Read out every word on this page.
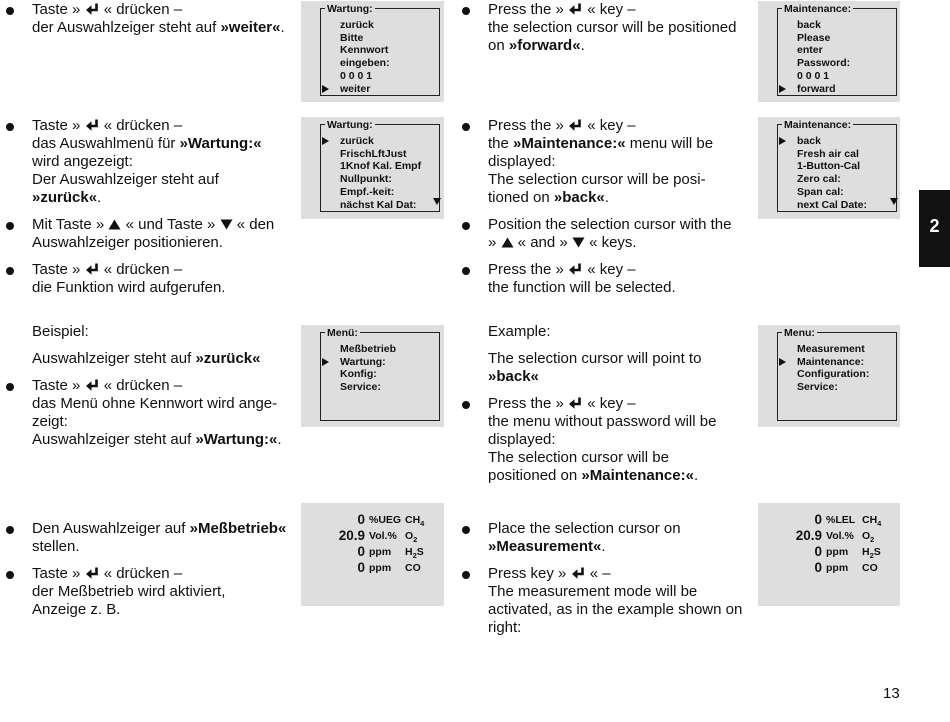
Taste »
« drücken –
der Auswahlzeiger steht auf »weiter«.
Press the »
« key –
the selection cursor will be positioned
on »forward«.
Wartung:
zurück
Bitte
Kennwort
eingeben:
0 0 0 1
weiter
Maintenance:
back
Please
enter
Password:
0 0 0 1
forward
Taste »
« drücken –
das Auswahlmenü für »Wartung:«
wird angezeigt:
Der Auswahlzeiger steht auf
»zurück«.
Mit Taste »
« und Taste »
« den
Auswahlzeiger positionieren.
Taste »
« drücken –
die Funktion wird aufgerufen.
Press the »
« key –
the »Maintenance:« menu will be
displayed:
The selection cursor will be posi-
tioned on »back«.
Position the selection cursor with the
»
« and »
« keys.
Press the »
« key –
the function will be selected.
Wartung:
zurück
FrischLftJust
1Knof Kal. Empf
Nullpunkt:
Empf.-keit:
nächst Kal Dat:
Maintenance:
back
Fresh air cal
1-Button-Cal
Zero cal:
Span cal:
next Cal Date:
Beispiel:
Auswahlzeiger steht auf »zurück«
Taste »
« drücken –
das Menü ohne Kennwort wird ange-
zeigt:
Auswahlzeiger steht auf »Wartung:«.
Example:
The selection cursor will point to
»back«
Press the »
« key –
the menu without password will be
displayed:
The selection cursor will be
positioned on »Maintenance:«.
Menü:
Meßbetrieb
Wartung:
Konfig:
Service:
Menu:
Measurement
Maintenance:
Configuration:
Service:
Den Auswahlzeiger auf »Meßbetrieb«
stellen.
Taste »
« drücken –
der Meßbetrieb wird aktiviert,
Anzeige z. B.
Place the selection cursor on
»Measurement«.
Press key »
« –
The measurement mode will be
activated, as in the example shown on
right:
0 %UEG $CH_4$
20.9 Vol.% $O_2$
0 ppm $H_2S$
0 ppm CO
0 %LEL $CH_4$
20.9 Vol.% $O_2$
0 ppm $H_2S$
0 ppm CO
2
13
